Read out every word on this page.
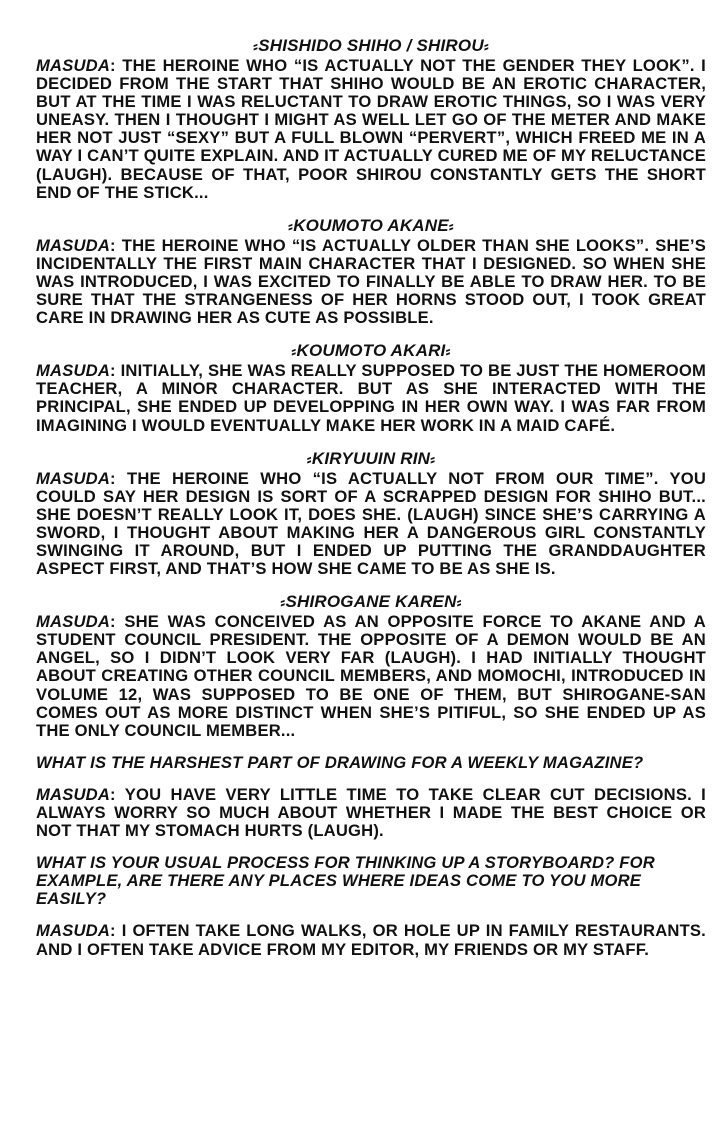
⸗SHISHIDO SHIHO / SHIROU⸗

MASUDA: THE HEROINE WHO “IS ACTUALLY NOT THE GENDER THEY LOOK”. I DECIDED FROM THE START THAT SHIHO WOULD BE AN EROTIC CHARACTER, BUT AT THE TIME I WAS RELUCTANT TO DRAW EROTIC THINGS, SO I WAS VERY UNEASY. THEN I THOUGHT I MIGHT AS WELL LET GO OF THE METER AND MAKE HER NOT JUST “SEXY” BUT A FULL BLOWN “PERVERT”, WHICH FREED ME IN A WAY I CAN’T QUITE EXPLAIN. AND IT ACTUALLY CURED ME OF MY RELUCTANCE (LAUGH). BECAUSE OF THAT, POOR SHIROU CONSTANTLY GETS THE SHORT END OF THE STICK...

⸗KOUMOTO AKANE⸗

MASUDA: THE HEROINE WHO “IS ACTUALLY OLDER THAN SHE LOOKS”. SHE’S INCIDENTALLY THE FIRST MAIN CHARACTER THAT I DESIGNED. SO WHEN SHE WAS INTRODUCED, I WAS EXCITED TO FINALLY BE ABLE TO DRAW HER. TO BE SURE THAT THE STRANGENESS OF HER HORNS STOOD OUT, I TOOK GREAT CARE IN DRAWING HER AS CUTE AS POSSIBLE.

⸗KOUMOTO AKARI⸗

MASUDA: INITIALLY, SHE WAS REALLY SUPPOSED TO BE JUST THE HOMEROOM TEACHER, A MINOR CHARACTER. BUT AS SHE INTERACTED WITH THE PRINCIPAL, SHE ENDED UP DEVELOPPING IN HER OWN WAY. I WAS FAR FROM IMAGINING I WOULD EVENTUALLY MAKE HER WORK IN A MAID CAFÉ.

⸗KIRYUUIN RIN⸗

MASUDA: THE HEROINE WHO “IS ACTUALLY NOT FROM OUR TIME”. YOU COULD SAY HER DESIGN IS SORT OF A SCRAPPED DESIGN FOR SHIHO BUT... SHE DOESN’T REALLY LOOK IT, DOES SHE. (LAUGH) SINCE SHE’S CARRYING A SWORD, I THOUGHT ABOUT MAKING HER A DANGEROUS GIRL CONSTANTLY SWINGING IT AROUND, BUT I ENDED UP PUTTING THE GRANDDAUGHTER ASPECT FIRST, AND THAT’S HOW SHE CAME TO BE AS SHE IS.

⸗SHIROGANE KAREN⸗

MASUDA: SHE WAS CONCEIVED AS AN OPPOSITE FORCE TO AKANE AND A STUDENT COUNCIL PRESIDENT. THE OPPOSITE OF A DEMON WOULD BE AN ANGEL, SO I DIDN’T LOOK VERY FAR (LAUGH). I HAD INITIALLY THOUGHT ABOUT CREATING OTHER COUNCIL MEMBERS, AND MOMOCHI, INTRODUCED IN VOLUME 12, WAS SUPPOSED TO BE ONE OF THEM, BUT SHIROGANE-SAN COMES OUT AS MORE DISTINCT WHEN SHE’S PITIFUL, SO SHE ENDED UP AS THE ONLY COUNCIL MEMBER...

WHAT IS THE HARSHEST PART OF DRAWING FOR A WEEKLY MAGAZINE?

MASUDA: YOU HAVE VERY LITTLE TIME TO TAKE CLEAR CUT DECISIONS. I ALWAYS WORRY SO MUCH ABOUT WHETHER I MADE THE BEST CHOICE OR NOT THAT MY STOMACH HURTS (LAUGH).

WHAT IS YOUR USUAL PROCESS FOR THINKING UP A STORYBOARD? FOR EXAMPLE, ARE THERE ANY PLACES WHERE IDEAS COME TO YOU MORE EASILY?

MASUDA: I OFTEN TAKE LONG WALKS, OR HOLE UP IN FAMILY RESTAURANTS. AND I OFTEN TAKE ADVICE FROM MY EDITOR, MY FRIENDS OR MY STAFF.
